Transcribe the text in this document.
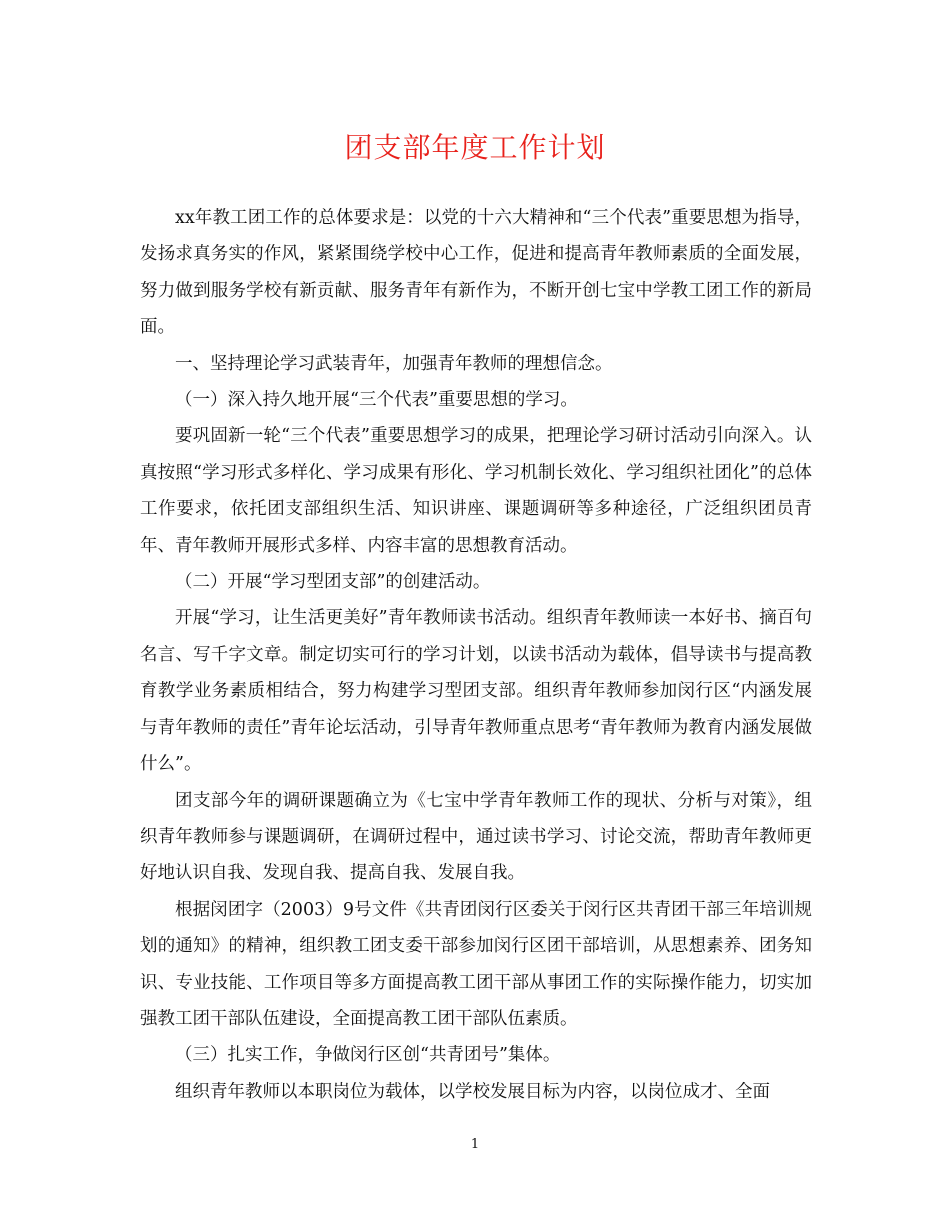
团支部年度工作计划

xx年教工团工作的总体要求是：以党的十六大精神和“三个代表”重要思想为指导，发扬求真务实的作风，紧紧围绕学校中心工作，促进和提高青年教师素质的全面发展，努力做到服务学校有新贡献、服务青年有新作为，不断开创七宝中学教工团工作的新局面。

一、坚持理论学习武装青年，加强青年教师的理想信念。

（一）深入持久地开展“三个代表”重要思想的学习。

要巩固新一轮“三个代表”重要思想学习的成果，把理论学习研讨活动引向深入。认真按照“学习形式多样化、学习成果有形化、学习机制长效化、学习组织社团化”的总体工作要求，依托团支部组织生活、知识讲座、课题调研等多种途径，广泛组织团员青年、青年教师开展形式多样、内容丰富的思想教育活动。

（二）开展“学习型团支部”的创建活动。

开展“学习，让生活更美好”青年教师读书活动。组织青年教师读一本好书、摘百句名言、写千字文章。制定切实可行的学习计划，以读书活动为载体，倡导读书与提高教育教学业务素质相结合，努力构建学习型团支部。组织青年教师参加闵行区“内涵发展与青年教师的责任”青年论坛活动，引导青年教师重点思考“青年教师为教育内涵发展做什么”。

团支部今年的调研课题确立为《七宝中学青年教师工作的现状、分析与对策》，组织青年教师参与课题调研，在调研过程中，通过读书学习、讨论交流，帮助青年教师更好地认识自我、发现自我、提高自我、发展自我。

根据闵团字（2003）9号文件《共青团闵行区委关于闵行区共青团干部三年培训规划的通知》的精神，组织教工团支委干部参加闵行区团干部培训，从思想素养、团务知识、专业技能、工作项目等多方面提高教工团干部从事团工作的实际操作能力，切实加强教工团干部队伍建设，全面提高教工团干部队伍素质。

（三）扎实工作，争做闵行区创“共青团号”集体。

组织青年教师以本职岗位为载体，以学校发展目标为内容，以岗位成才、全面

1
